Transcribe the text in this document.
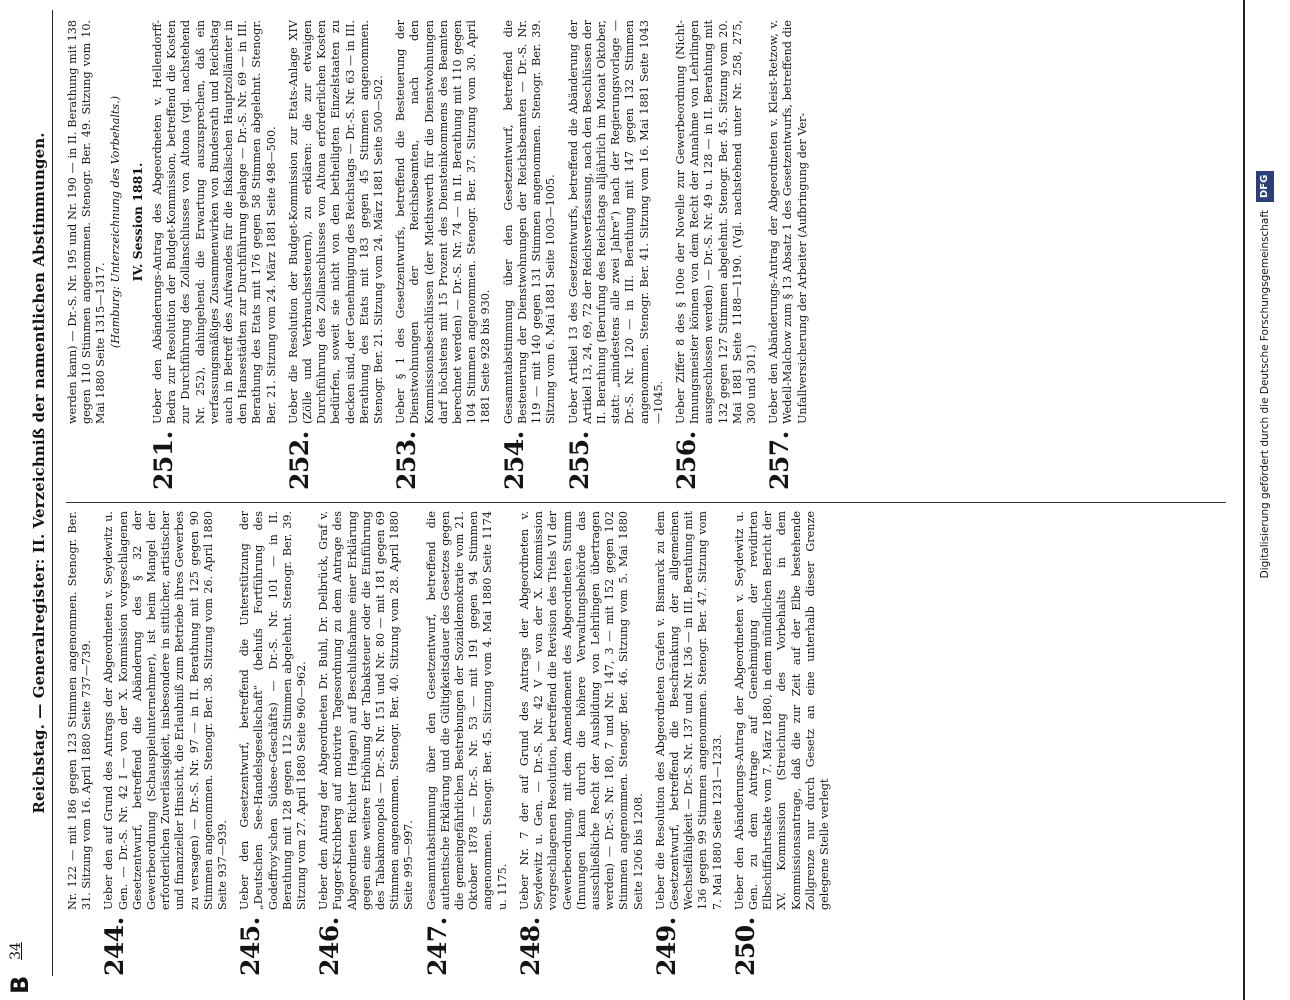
B
34
Reichstag. — Generalregister: II. Verzeichniß der namentlichen Abstimmungen. Nr. 122 — mit 186 gegen 123 Stimmen angenommen. Stenogr. Ber. 31. Sitzung vom 16. April 1880 Seite 737—739.
244.
Ueber den auf Grund des Antrags der Abgeordneten v. Seydewitz u. Gen. — Dr.-S. Nr. 42 I — von der X. Kommission vorgeschlagenen Gesetzentwurf, betreffend die Abänderung des § 32 der Gewerbeordnung (Schauspielunternehmer), ist beim Mangel der erforderlichen Zuverlässigkeit, insbesondere in sittlicher, artistischer und finanzieller Hinsicht, die Erlaubniß zum Betriebe ihres Gewerbes zu versagen) — Dr.-S. Nr. 97 — in II. Berathung mit 125 gegen 90 Stimmen angenommen. Stenogr. Ber. 38. Sitzung vom 26. April 1880 Seite 937—939.
245.
Ueber den Gesetzentwurf, betreffend die Unterstützung der „Deutschen See-Handelsgesellschaft“ (behufs Fortführung des Godeffroy'schen Südsee-Geschäfts) — Dr.-S. Nr. 101 — in II. Berathung mit 128 gegen 112 Stimmen abgelehnt. Stenogr. Ber. 39. Sitzung vom 27. April 1880 Seite 960—962.
246.
Ueber den Antrag der Abgeordneten Dr. Buhl, Dr. Delbrück, Graf v. Fugger-Kirchberg auf motivirte Tagesordnung zu dem Antrage des Abgeordneten Richter (Hagen) auf Beschlußnahme einer Erklärung gegen eine weitere Erhöhung der Tabaksteuer oder die Einführung des Tabakmonopols — Dr.-S. Nr. 151 und Nr. 80 — mit 181 gegen 69 Stimmen angenommen. Stenogr. Ber. 40. Sitzung vom 28. April 1880 Seite 995—997.
247.
Gesammtabstimmung über den Gesetzentwurf, betreffend die authentische Erklärung und die Gültigkeitsdauer des Gesetzes gegen die gemeingefährlichen Bestrebungen der Sozialdemokratie vom 21. Oktober 1878 — Dr.-S. Nr. 53 — mit 191 gegen 94 Stimmen angenommen. Stenogr. Ber. 45. Sitzung vom 4. Mai 1880 Seite 1174 u. 1175.
248.
Ueber Nr. 7 der auf Grund des Antrags der Abgeordneten v. Seydewitz u. Gen. — Dr.-S. Nr. 42 V — von der X. Kommission vorgeschlagenen Resolution, betreffend die Revision des Titels VI der Gewerbeordnung, mit dem Amendement des Abgeordneten Stumm (Innungen kann durch die höhere Verwaltungsbehörde das ausschließliche Recht der Ausbildung von Lehrlingen übertragen werden) — Dr.-S. Nr. 180, 7 und Nr. 147, 3 — mit 152 gegen 102 Stimmen angenommen. Stenogr. Ber. 46. Sitzung vom 5. Mai 1880 Seite 1206 bis 1208.
249.
Ueber die Resolution des Abgeordneten Grafen v. Bismarck zu dem Gesetzentwurf, betreffend die Beschränkung der allgemeinen Wechselfähigkeit — Dr.-S. Nr. 137 und Nr. 136 — in III. Berathung mit 136 gegen 99 Stimmen angenommen. Stenogr. Ber. 47. Sitzung vom 7. Mai 1880 Seite 1231—1233.
250.
Ueber den Abänderungs-Antrag der Abgeordneten v. Seydewitz u. Gen. zu dem Antrage auf Genehmigung der revidirten Elbschiffahrtsakte vom 7. März 1880, in dem mündlichen Bericht der XV. Kommission (Streichung des Vorbehalts in dem Kommissionsantrage, daß die zur Zeit auf der Elbe bestehende Zollgrenze nur durch Gesetz an eine unterhalb dieser Grenze gelegene Stelle verlegt
werden kann) — Dr.-S. Nr. 195 und Nr. 190 — in II. Berathung mit 138 gegen 110 Stimmen angenommen. Stenogr. Ber. 49. Sitzung vom 10. Mai 1880 Seite 1315—1317. (Hamburg: Unterzeichnung des Vorbehalts.) IV. Session 1881.
251.
Ueber den Abänderungs-Antrag des Abgeordneten v. Hellendorff-Bedra zur Resolution der Budget-Kommission, betreffend die Kosten zur Durchführung des Zollanschlusses von Altona (vgl. nachstehend Nr. 252), dahingehend: die Erwartung auszusprechen, daß ein verfassungsmäßiges Zusammenwirken von Bundesrath und Reichstag auch in Betreff des Aufwandes für die fiskalischen Hauptzollämter in den Hansestädten zur Durchführung gelange — Dr.-S. Nr. 69 — in III. Berathung des Etats mit 176 gegen 58 Stimmen abgelehnt. Stenogr. Ber. 21. Sitzung vom 24. März 1881 Seite 498—500.
252.
Ueber die Resolution der Budget-Kommission zur Etats-Anlage XIV (Zölle und Verbrauchssteuern), zu erklären: die zur etwaigen Durchführung des Zollanschlusses von Altona erforderlichen Kosten bedürfen, soweit sie nicht von den betheiligten Einzelstaaten zu decken sind, der Genehmigung des Reichstags — Dr.-S. Nr. 63 — in III. Berathung des Etats mit 183 gegen 45 Stimmen angenommen. Stenogr. Ber. 21. Sitzung vom 24. März 1881 Seite 500—502.
253.
Ueber § 1 des Gesetzentwurfs, betreffend die Besteuerung der Dienstwohnungen der Reichsbeamten, nach den Kommissionsbeschlüssen (der Miethswerth für die Dienstwohnungen darf höchstens mit 15 Prozent des Diensteinkommens des Beamten berechnet werden) — Dr.-S. Nr. 74 — in II. Berathung mit 110 gegen 104 Stimmen angenommen. Stenogr. Ber. 37. Sitzung vom 30. April 1881 Seite 928 bis 930.
254.
Gesammtabstimmung über den Gesetzentwurf, betreffend die Besteuerung der Dienstwohnungen der Reichsbeamten — Dr.-S. Nr. 119 — mit 140 gegen 131 Stimmen angenommen. Stenogr. Ber. 39. Sitzung vom 6. Mai 1881 Seite 1003—1005.
255.
Ueber Artikel 13 des Gesetzentwurfs, betreffend die Abänderung der Artikel 13, 24, 69, 72 der Reichsverfassung, nach den Beschlüssen der II. Berathung (Berufung des Reichstags alljährlich im Monat Oktober, statt: „mindestens alle zwei Jahre“) nach der Regierungsvorlage — Dr.-S. Nr. 120 — in III. Berathung mit 147 gegen 132 Stimmen angenommen. Stenogr. Ber. 41. Sitzung vom 16. Mai 1881 Seite 1043—1045.
256.
Ueber Ziffer 8 des § 100e der Novelle zur Gewerbeordnung (Nicht-Innungsmeister können von dem Recht der Annahme von Lehrlingen ausgeschlossen werden) — Dr.-S. Nr. 49 u. 128 — in II. Berathung mit 132 gegen 127 Stimmen abgelehnt. Stenogr. Ber. 45. Sitzung vom 20. Mai 1881 Seite 1188—1190. (Vgl. nachstehend unter Nr. 258, 275, 300 und 301.)
257.
Ueber den Abänderungs-Antrag der Abgeordneten v. Kleist-Retzow, v. Wedell-Malchow zum § 13 Absatz 1 des Gesetzentwurfs, betreffend die Unfallversicherung der Arbeiter (Aufbringung der Ver-	Digitalisierung gefördert durch die Deutsche Forschungsgemeinschaft
DFG
